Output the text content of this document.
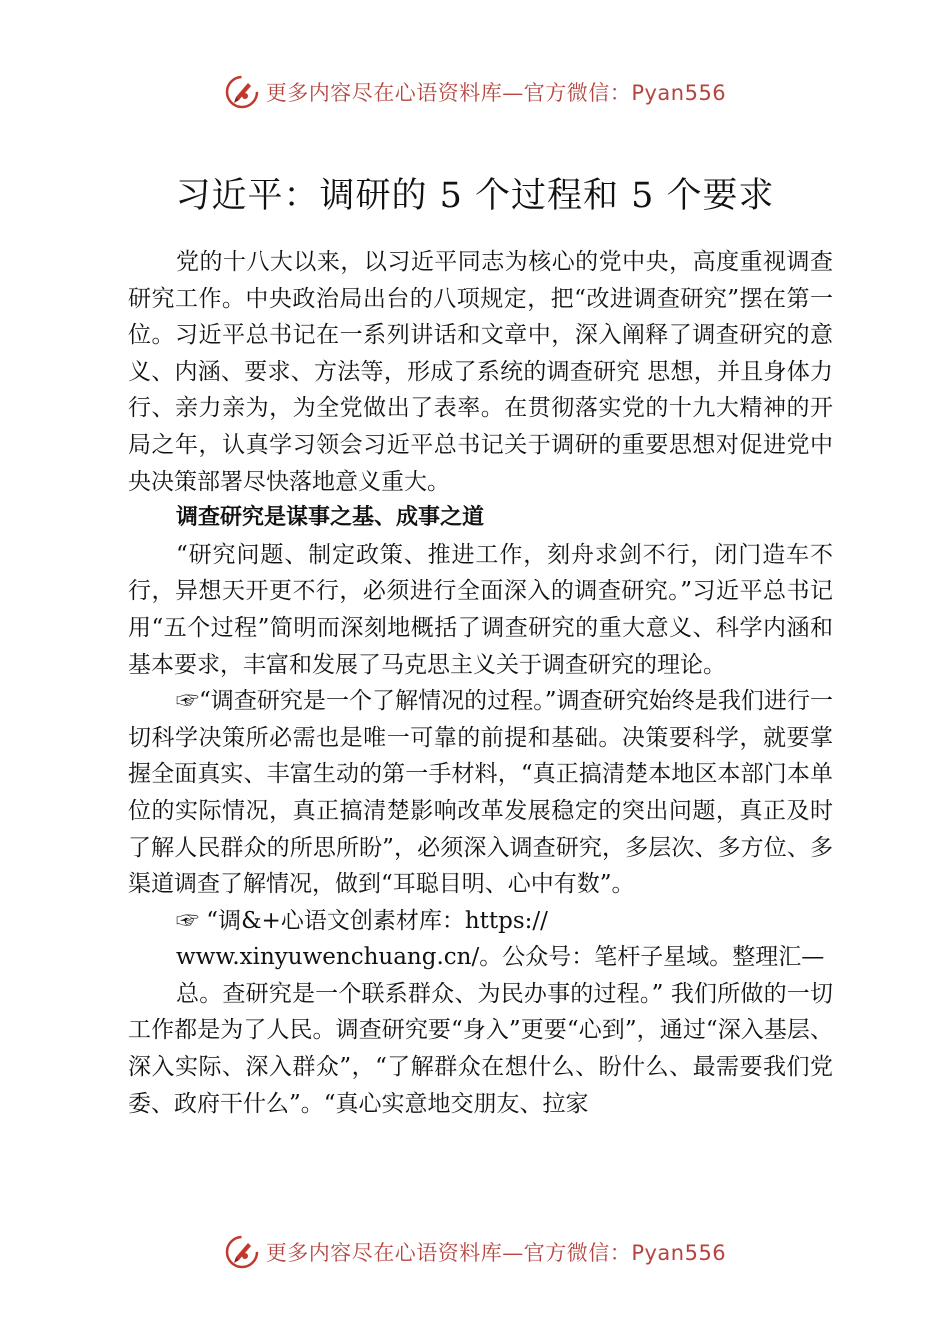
更多内容尽在心语资料库—官方微信：Pyan556
习近平：调研的 5 个过程和 5 个要求

党的十八大以来，以习近平同志为核心的党中央，高度重视调查研究工作。中央政治局出台的八项规定，把“改进调查研究”摆在第一位。习近平总书记在一系列讲话和文章中，深入阐释了调查研究的意义、内涵、要求、方法等，形成了系统的调查研究 思想，并且身体力行、亲力亲为，为全党做出了表率。在贯彻落实党的十九大精神的开局之年，认真学习领会习近平总书记关于调研的重要思想对促进党中央决策部署尽快落地意义重大。

调查研究是谋事之基、成事之道

“研究问题、制定政策、推进工作，刻舟求剑不行，闭门造车不行，异想天开更不行，必须进行全面深入的调查研究。”习近平总书记用“五个过程”简明而深刻地概括了调查研究的重大意义、科学内涵和基本要求，丰富和发展了马克思主义关于调查研究的理论。

☞“调查研究是一个了解情况的过程。”调查研究始终是我们进行一切科学决策所必需也是唯一可靠的前提和基础。决策要科学，就要掌握全面真实、丰富生动的第一手材料，“真正搞清楚本地区本部门本单位的实际情况，真正搞清楚影响改革发展稳定的突出问题，真正及时了解人民群众的所思所盼”，必须深入调查研究，多层次、多方位、多渠道调查了解情况，做到“耳聪目明、心中有数”。

☞ “调&+心语文创素材库：https://

www.xinyuwenchuang.cn/。公众号：笔杆子星域。整理汇—

总。查研究是一个联系群众、为民办事的过程。” 我们所做的一切工作都是为了人民。调查研究要“身入”更要“心到”，通过“深入基层、深入实际、深入群众”，“了解群众在想什么、盼什么、最需要我们党委、政府干什么”。“真心实意地交朋友、拉家

更多内容尽在心语资料库—官方微信：Pyan556
